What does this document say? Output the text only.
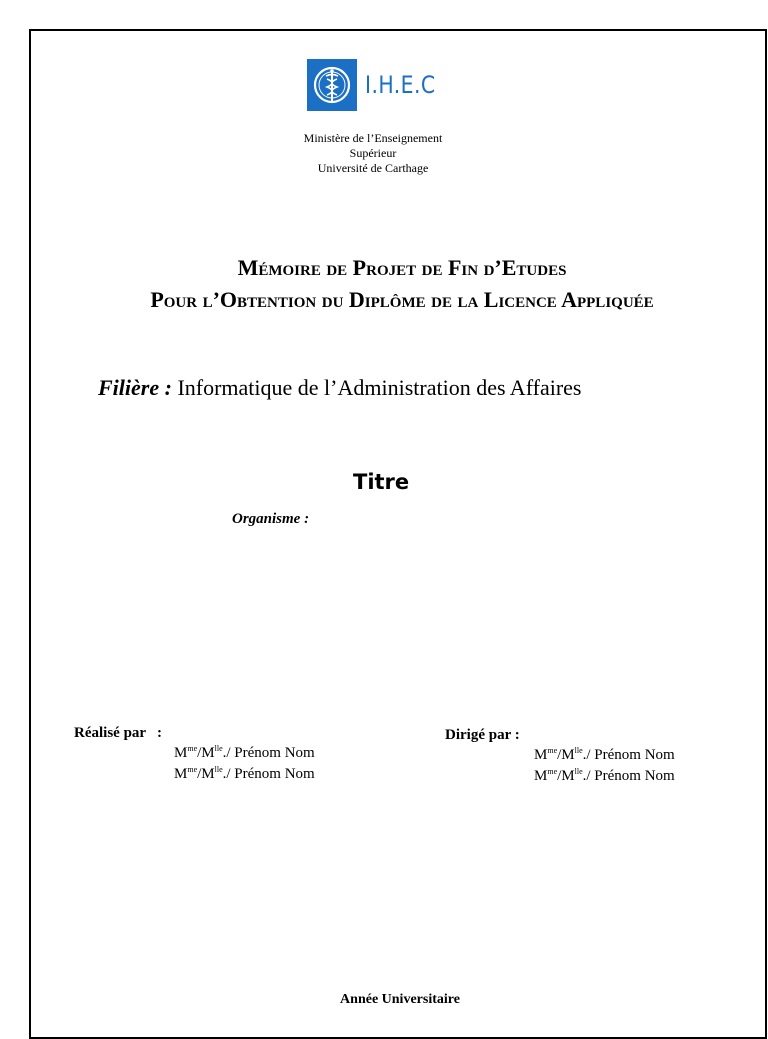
I.H.E.C
Ministère de l’Enseignement
Supérieur
Université de Carthage
Mémoire de Projet de Fin d’Etudes
Pour l’Obtention du Diplôme de la Licence Appliquée
Filière : Informatique de l’Administration des Affaires
Titre
Organisme :
Réalisé par   :
$M^{me}/M^{lle}./$ Prénom Nom
$M^{me}/M^{lle}./$ Prénom Nom
Dirigé par :
$M^{me}/M^{lle}./$ Prénom Nom
$M^{me}/M^{lle}./$ Prénom Nom
Année Universitaire
